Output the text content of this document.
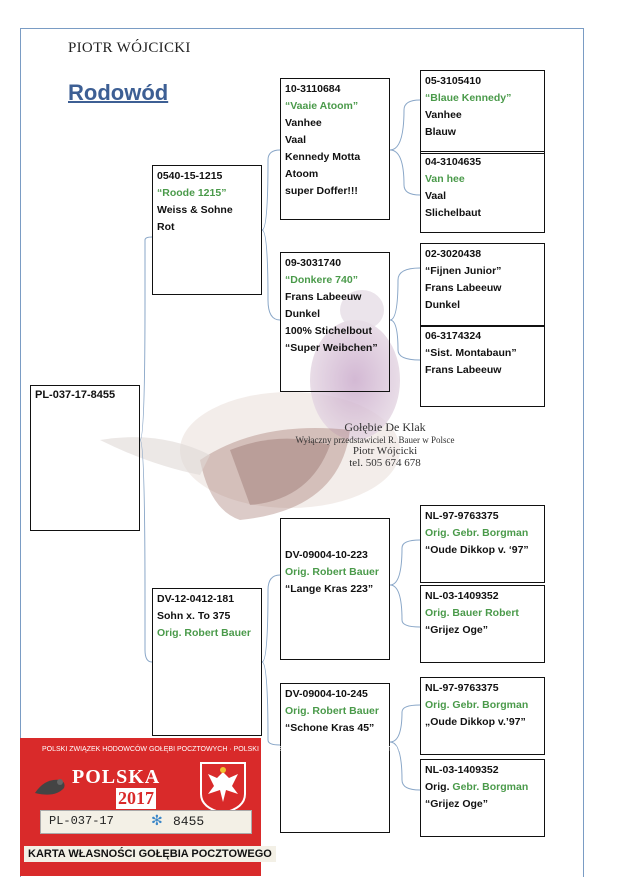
PIOTR WÓJCICKI
Rodowód
PL-037-17-8455
0540-15-1215
“Roode 1215”
Weiss & Sohne
Rot
DV-12-0412-181
Sohn x. To 375
Orig. Robert Bauer
10-3110684
“Vaaie Atoom”
Vanhee
Vaal
Kennedy Motta
Atoom
super Doffer!!!
09-3031740
“Donkere 740”
Frans Labeeuw
Dunkel
100% Stichelbout
“Super Weibchen”
DV-09004-10-223
Orig. Robert Bauer
“Lange Kras 223”
DV-09004-10-245
Orig. Robert Bauer
“Schone Kras 45”
05-3105410
“Blaue Kennedy”
Vanhee
Blauw
04-3104635
Van hee
Vaal
Slichelbaut
02-3020438
“Fijnen Junior”
Frans Labeeuw
Dunkel
06-3174324
“Sist. Montabaun”
Frans Labeeuw
NL-97-9763375
Orig. Gebr. Borgman
“Oude Dikkop v. ‘97”
NL-03-1409352
Orig. Bauer Robert
“Grijez Oge”
NL-97-9763375
Orig. Gebr. Borgman
„Oude Dikkop v.’97”
NL-03-1409352
Orig. Gebr. Borgman
“Grijez Oge”
Gołębie De Klak
Wyłączny przedstawiciel R. Bauer w Polsce
Piotr Wójcicki
tel. 505 674 678
POLSKI ZWIĄZEK HODOWCÓW GOŁĘBI POCZTOWYCH · POLSKI ZWIĄZEK HODOWCÓW GOŁĘBI POCZTOWYCH
POLSKA
2017
PL-037-17	✻ 8455
KARTA WŁASNOŚCI GOŁĘBIA POCZTOWEGO
